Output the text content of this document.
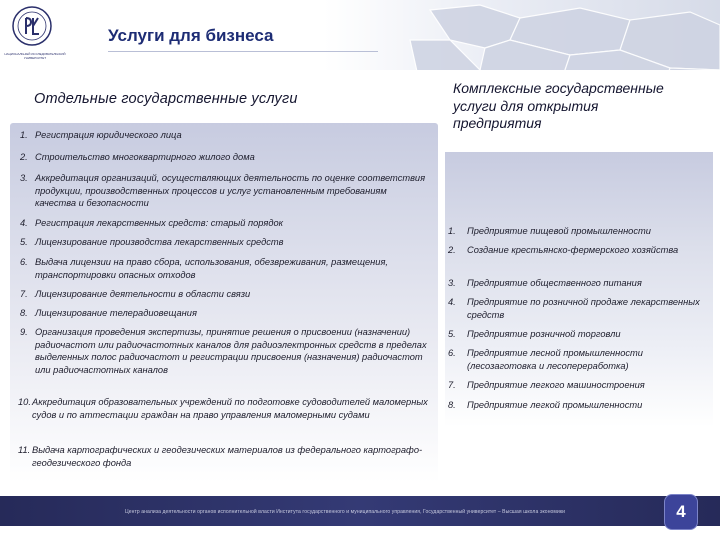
НАЦИОНАЛЬНЫЙ ИССЛЕДОВАТЕЛЬСКИЙ УНИВЕРСИТЕТ
Услуги для бизнеса
Отдельные государственные услуги
Комплексные государственные услуги для открытия предприятия
1. Регистрация юридического лица
2. Строительство многоквартирного жилого дома
3. Аккредитация организаций, осуществляющих деятельность по оценке соответствия продукции, производственных процессов и услуг установленным требованиям качества и безопасности
4. Регистрация лекарственных средств: старый порядок
5. Лицензирование производства лекарственных средств
6. Выдача лицензии на право сбора, использования, обезвреживания, размещения, транспортировки опасных отходов
7. Лицензирование деятельности в области связи
8. Лицензирование телерадиовещания
9. Организация проведения экспертизы, принятие решения о присвоении (назначении) радиочастот или радиочастотных каналов для радиоэлектронных средств в пределах выделенных полос радиочастот и регистрации присвоения (назначения) радиочастот или радиочастотных каналов
10. Аккредитация образовательных учреждений по подготовке судоводителей маломерных судов и по аттестации граждан на право управления маломерными судами
11. Выдача картографических и геодезических материалов из федерального картографо-геодезического фонда
1.	Предприятие пищевой промышленности
2.	Создание крестьянско-фермерского хозяйства
3.	Предприятие общественного питания
4.	Предприятие по розничной продаже лекарственных средств
5.	Предприятие розничной торговли
6.	Предприятие лесной промышленности (лесозаготовка и лесопереработка)
7.	Предприятие легкого машиностроения
8.	Предприятие легкой промышленности
Центр анализа деятельности органов исполнительной власти Института государственного и муниципального управления, Государственный университет – Высшая школа экономики	4
